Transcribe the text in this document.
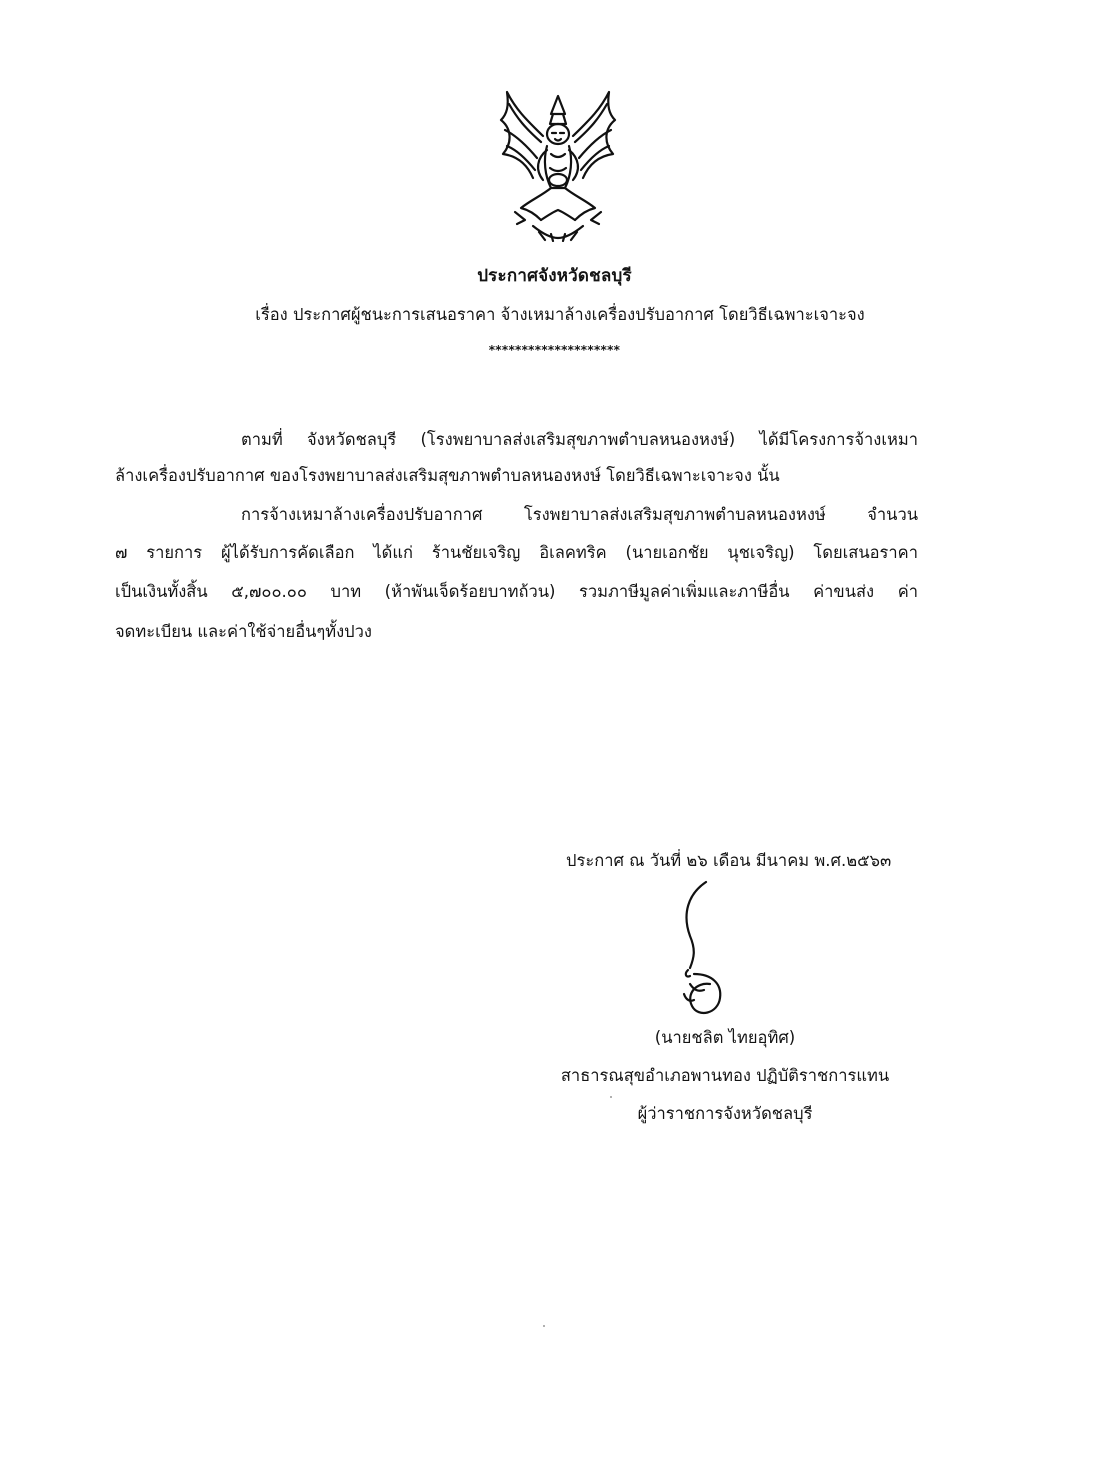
ประกาศจังหวัดชลบุรี
เรื่อง ประกาศผู้ชนะการเสนอราคา จ้างเหมาล้างเครื่องปรับอากาศ โดยวิธีเฉพาะเจาะจง
********************
ตามที่ จังหวัดชลบุรี (โรงพยาบาลส่งเสริมสุขภาพตำบลหนองหงษ์) ได้มีโครงการจ้างเหมา
ล้างเครื่องปรับอากาศ ของโรงพยาบาลส่งเสริมสุขภาพตำบลหนองหงษ์ โดยวิธีเฉพาะเจาะจง นั้น
การจ้างเหมาล้างเครื่องปรับอากาศ โรงพยาบาลส่งเสริมสุขภาพตำบลหนองหงษ์ จำนวน
๗ รายการ ผู้ได้รับการคัดเลือก ได้แก่ ร้านชัยเจริญ อิเลคทริค (นายเอกชัย นุชเจริญ) โดยเสนอราคา
เป็นเงินทั้งสิ้น ๕,๗๐๐.๐๐ บาท (ห้าพันเจ็ดร้อยบาทถ้วน) รวมภาษีมูลค่าเพิ่มและภาษีอื่น ค่าขนส่ง ค่า
จดทะเบียน และค่าใช้จ่ายอื่นๆทั้งปวง
ประกาศ ณ วันที่ ๒๖ เดือน มีนาคม พ.ศ.๒๕๖๓
(นายชลิต ไทยอุทิศ)
สาธารณสุขอำเภอพานทอง ปฏิบัติราชการแทน
ผู้ว่าราชการจังหวัดชลบุรี
